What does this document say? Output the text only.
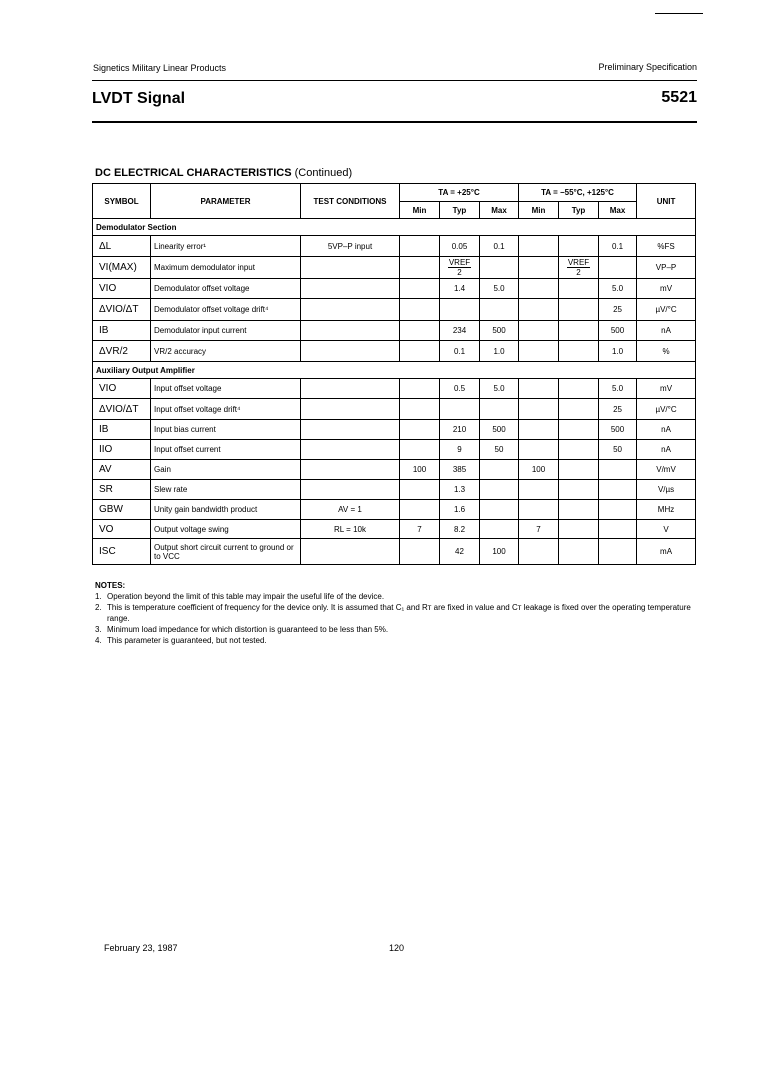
Signetics Military Linear Products	Preliminary Specification
LVDT Signal	5521
DC ELECTRICAL CHARACTERISTICS (Continued)
SYMBOL	PARAMETER	TEST CONDITIONS	TA = +25°C			TA = −55°C, +125°C			UNIT
			Min	Typ	Max	Min	Typ	Max	
Demodulator Section									
ΔL	Linearity error¹	5VP–P input		0.05	0.1			0.1	%FS
VI(MAX)	Maximum demodulator input			$\frac{\text{VREF}}{2}$			$\frac{\text{VREF}}{2}$		VP–P
VIO	Demodulator offset voltage			1.4	5.0			5.0	mV
ΔVIO/ΔT	Demodulator offset voltage drift⁴							25	µV/°C
IB	Demodulator input current			234	500			500	nA
ΔVR/2	VR/2 accuracy			0.1	1.0			1.0	%
Auxiliary Output Amplifier									
VIO	Input offset voltage			0.5	5.0			5.0	mV
ΔVIO/ΔT	Input offset voltage drift⁴							25	µV/°C
IB	Input bias current			210	500			500	nA
IIO	Input offset current			9	50			50	nA
AV	Gain		100	385		100			V/mV
SR	Slew rate			1.3					V/µs
GBW	Unity gain bandwidth product	AV = 1		1.6					MHz
VO	Output voltage swing	RL = 10k	7	8.2		7			V
ISC	Output short circuit current to ground or to VCC			42	100				mA
NOTES:
1. Operation beyond the limit of this table may impair the useful life of the device.
2. This is temperature coefficient of frequency for the device only. It is assumed that C₁ and Rᴛ are fixed in value and Cᴛ leakage is fixed over the operating temperature range.
3. Minimum load impedance for which distortion is guaranteed to be less than 5%.
4. This parameter is guaranteed, but not tested.
February 23, 1987	120
